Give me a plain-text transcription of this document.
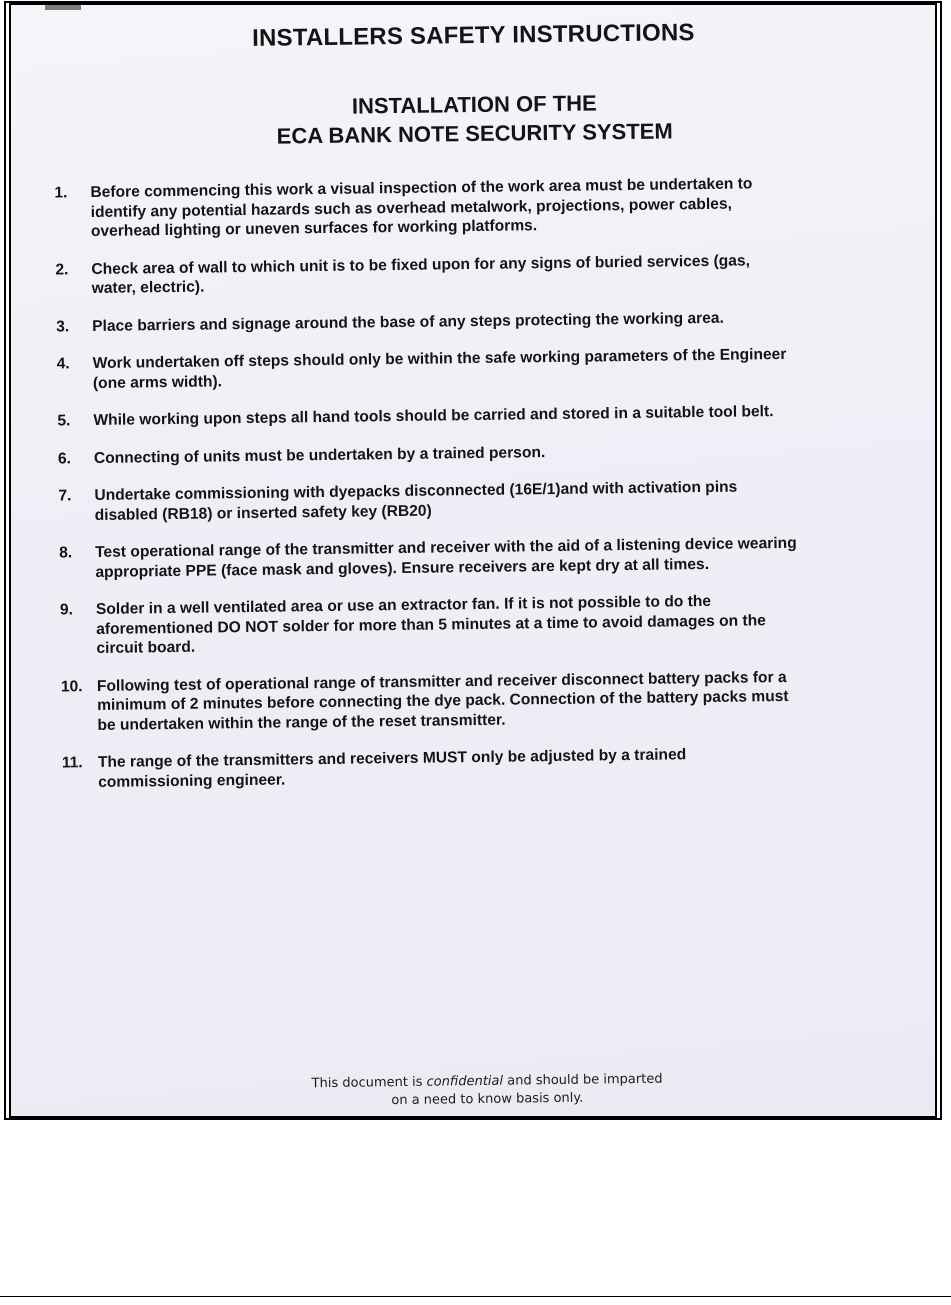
INSTALLERS SAFETY INSTRUCTIONS
INSTALLATION OF THE
ECA BANK NOTE SECURITY SYSTEM
1. Before commencing this work a visual inspection of the work area must be undertaken to identify any potential hazards such as overhead metalwork, projections, power cables, overhead lighting or uneven surfaces for working platforms.
2. Check area of wall to which unit is to be fixed upon for any signs of buried services (gas, water, electric).
3. Place barriers and signage around the base of any steps protecting the working area.
4. Work undertaken off steps should only be within the safe working parameters of the Engineer (one arms width).
5. While working upon steps all hand tools should be carried and stored in a suitable tool belt.
6. Connecting of units must be undertaken by a trained person.
7. Undertake commissioning with dyepacks disconnected (16E/1)and with activation pins disabled (RB18) or inserted safety key (RB20)
8. Test operational range of the transmitter and receiver with the aid of a listening device wearing appropriate PPE (face mask and gloves). Ensure receivers are kept dry at all times.
9. Solder in a well ventilated area or use an extractor fan. If it is not possible to do the aforementioned DO NOT solder for more than 5 minutes at a time to avoid damages on the circuit board.
10. Following test of operational range of transmitter and receiver disconnect battery packs for a minimum of 2 minutes before connecting the dye pack. Connection of the battery packs must be undertaken within the range of the reset transmitter.
11. The range of the transmitters and receivers MUST only be adjusted by a trained commissioning engineer.
This document is confidential and should be imparted
on a need to know basis only.
